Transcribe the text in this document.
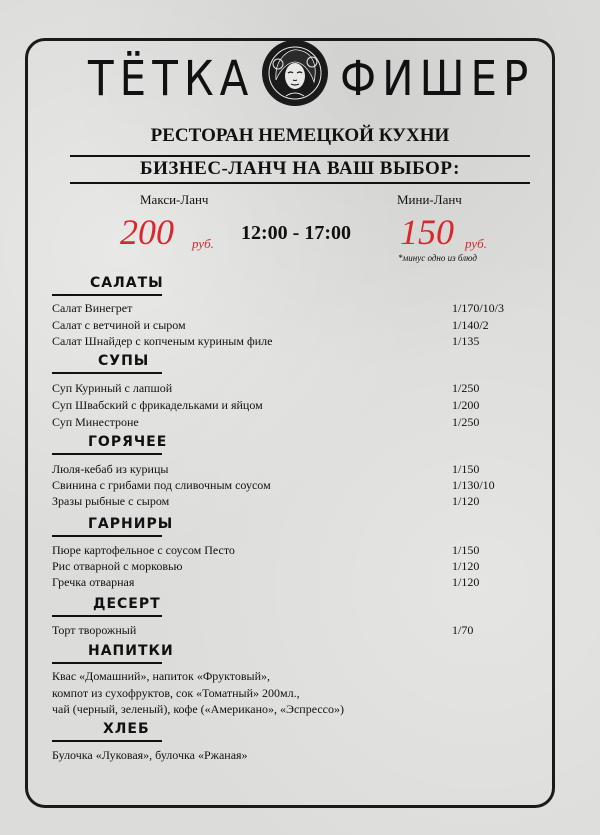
ТЁТКА ФИШЕР
РЕСТОРАН НЕМЕЦКОЙ КУХНИ
БИЗНЕС-ЛАНЧ НА ВАШ ВЫБОР:
Макси-Ланч
200 руб. 12:00 - 17:00
Мини-Ланч
150 руб.
*минус одно из блюд
САЛАТЫ
Салат Винегрет	1/170/10/3
Салат с ветчиной и сыром	1/140/2
Салат Шнайдер с копченым куриным филе	1/135
СУПЫ
Суп Куриный с лапшой	1/250
Суп Швабский с фрикадельками и яйцом	1/200
Суп Минестроне	1/250
ГОРЯЧЕЕ
Люля-кебаб из курицы	1/150
Свинина с грибами под сливочным соусом	1/130/10
Зразы рыбные с сыром	1/120
ГАРНИРЫ
Пюре картофельное с соусом Песто	1/150
Рис отварной с морковью	1/120
Гречка отварная	1/120
ДЕСЕРТ
Торт творожный	1/70
НАПИТКИ
Квас «Домашний», напиток «Фруктовый»,
компот из сухофруктов, сок «Томатный» 200мл.,
чай (черный, зеленый), кофе («Американо», «Эспрессо»)
ХЛЕБ
Булочка «Луковая», булочка «Ржаная»
